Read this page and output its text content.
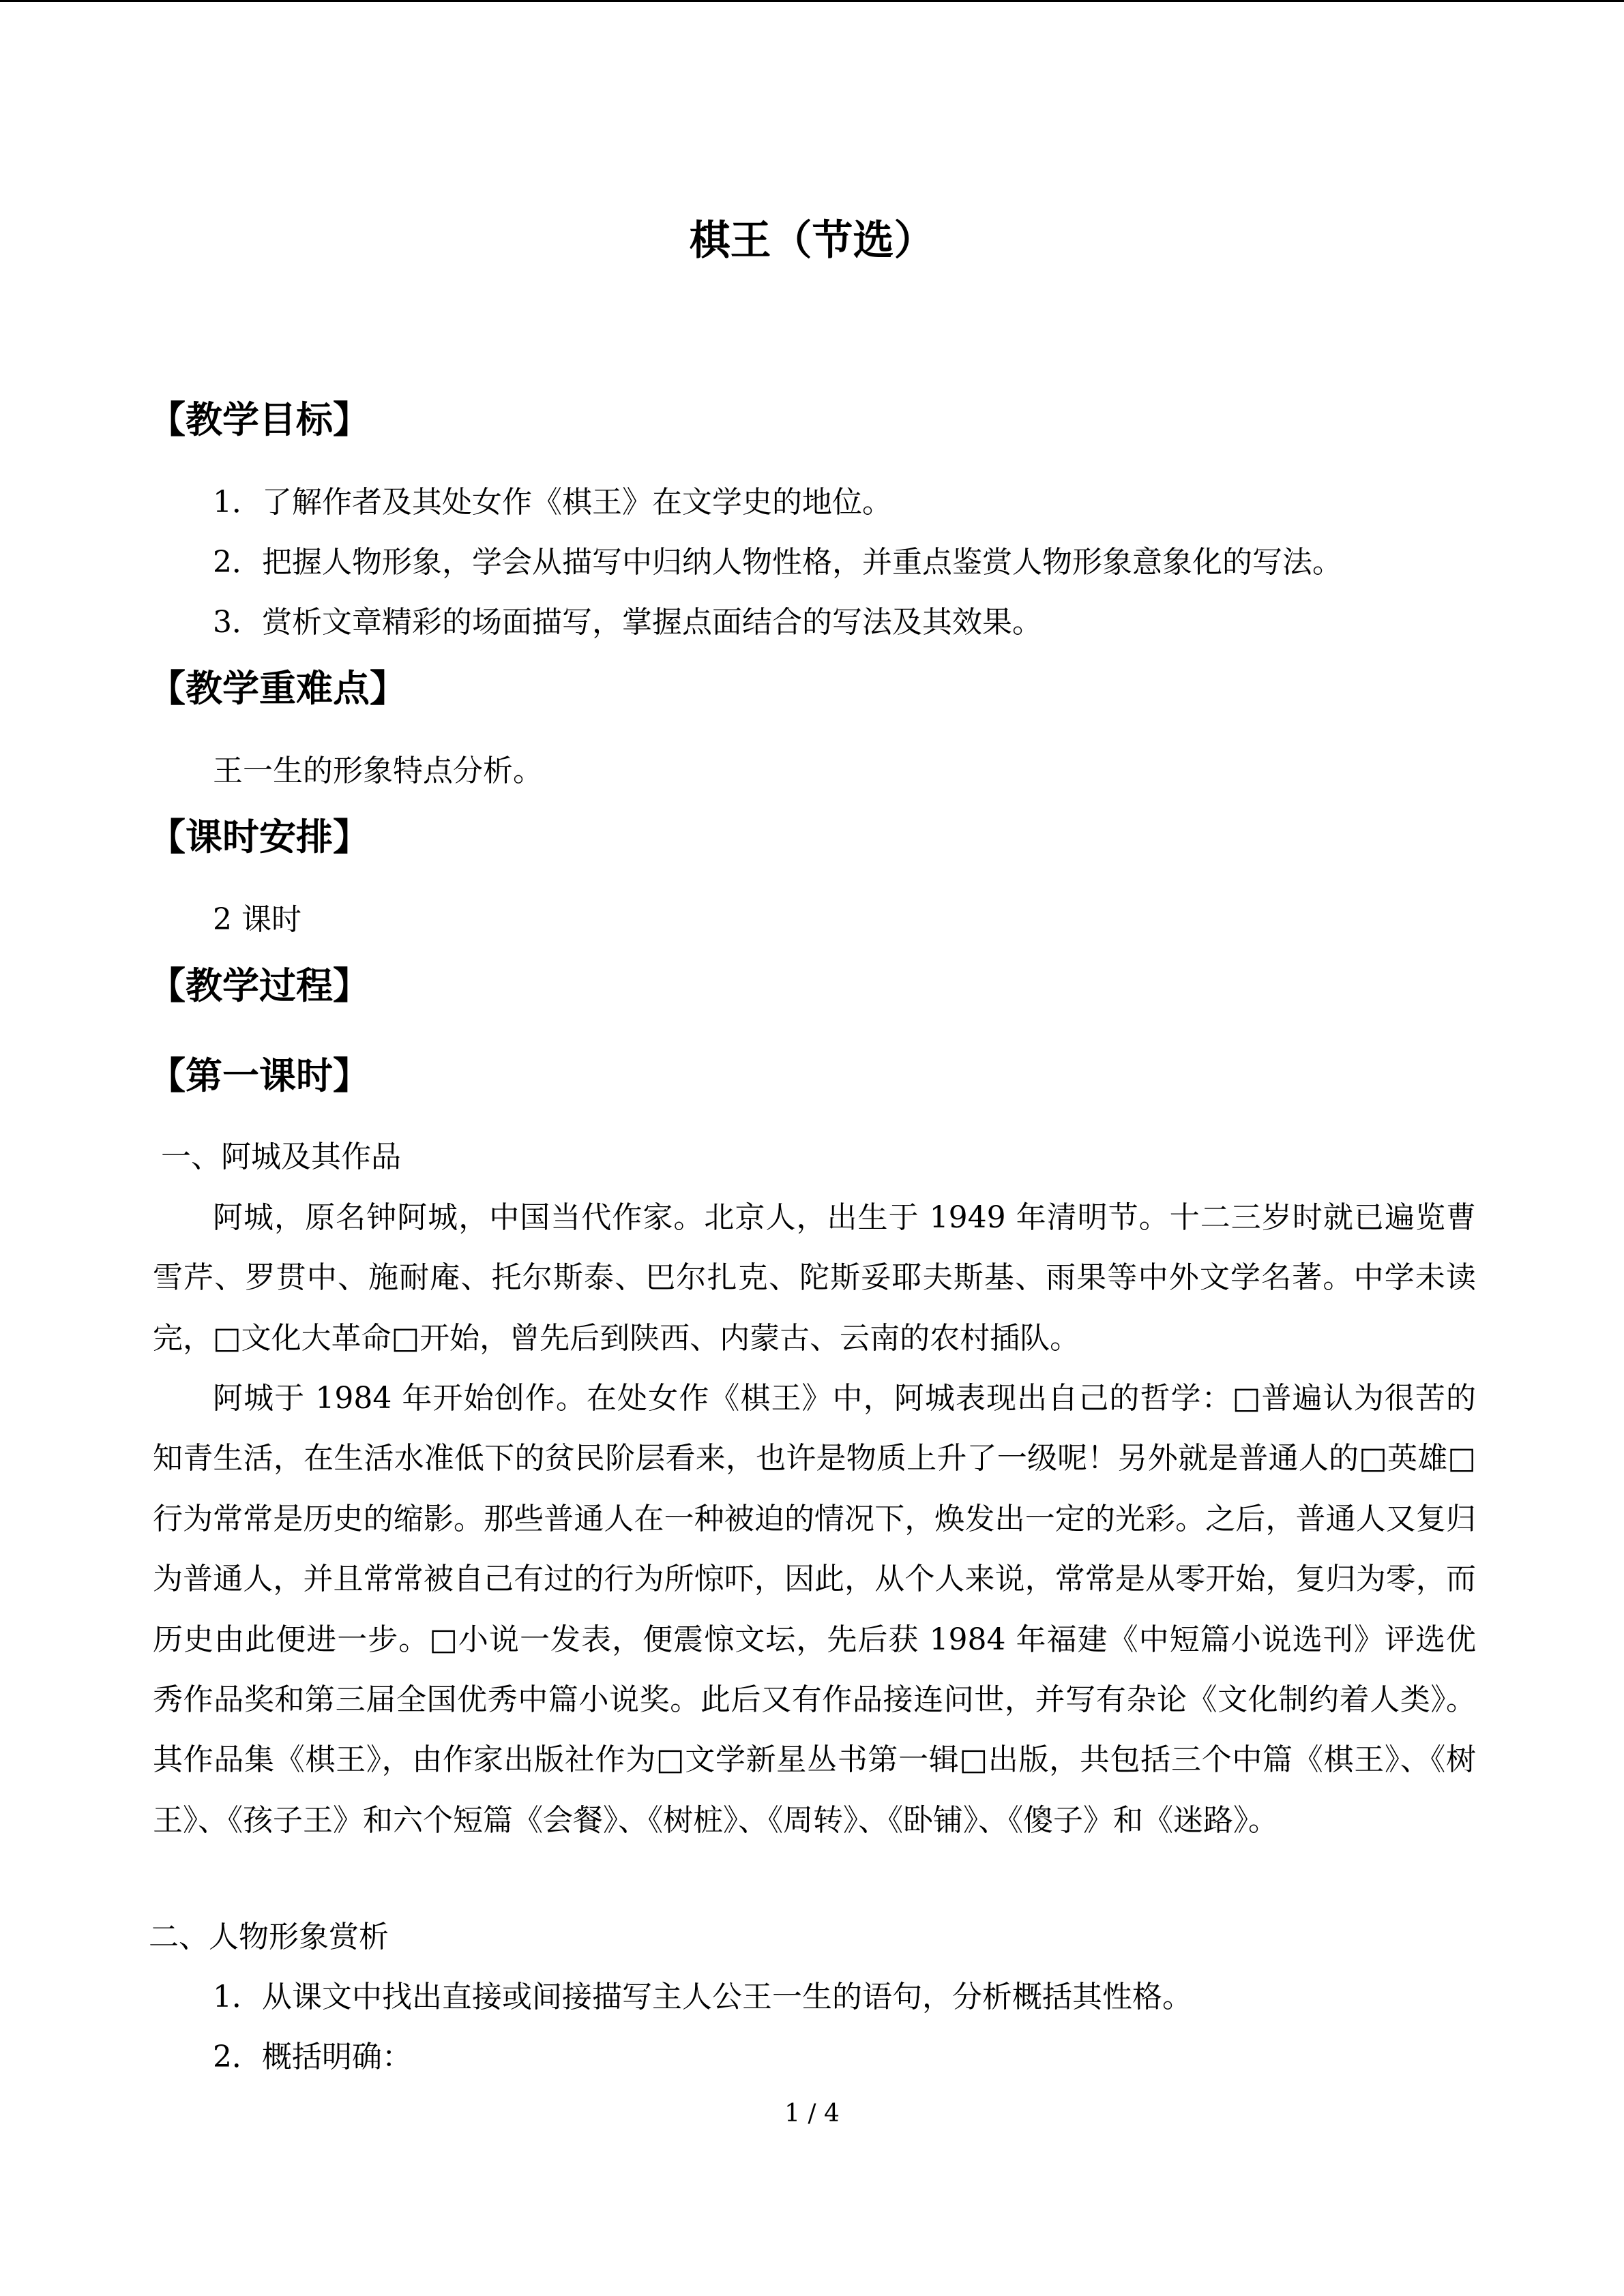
棋王（节选）
【教学目标】
1．了解作者及其处女作《棋王》在文学史的地位。
2．把握人物形象，学会从描写中归纳人物性格，并重点鉴赏人物形象意象化的写法。
3．赏析文章精彩的场面描写，掌握点面结合的写法及其效果。
【教学重难点】
王一生的形象特点分析。
【课时安排】
2 课时
【教学过程】
【第一课时】
一、阿城及其作品
阿城，原名钟阿城，中国当代作家。北京人，出生于 1949 年清明节。十二三岁时就已遍览曹雪芹、罗贯中、施耐庵、托尔斯泰、巴尔扎克、陀斯妥耶夫斯基、雨果等中外文学名著。中学未读完，□文化大革命□开始，曾先后到陕西、内蒙古、云南的农村插队。
阿城于 1984 年开始创作。在处女作《棋王》中，阿城表现出自己的哲学：□普遍认为很苦的知青生活，在生活水准低下的贫民阶层看来，也许是物质上升了一级呢！另外就是普通人的□英雄□行为常常是历史的缩影。那些普通人在一种被迫的情况下，焕发出一定的光彩。之后，普通人又复归为普通人，并且常常被自己有过的行为所惊吓，因此，从个人来说，常常是从零开始，复归为零，而历史由此便进一步。□小说一发表，便震惊文坛，先后获 1984 年福建《中短篇小说选刊》评选优秀作品奖和第三届全国优秀中篇小说奖。此后又有作品接连问世，并写有杂论《文化制约着人类》。其作品集《棋王》，由作家出版社作为□文学新星丛书第一辑□出版，共包括三个中篇《棋王》、《树王》、《孩子王》和六个短篇《会餐》、《树桩》、《周转》、《卧铺》、《傻子》和《迷路》。
二、人物形象赏析
1．从课文中找出直接或间接描写主人公王一生的语句，分析概括其性格。
2．概括明确：
1 / 4
